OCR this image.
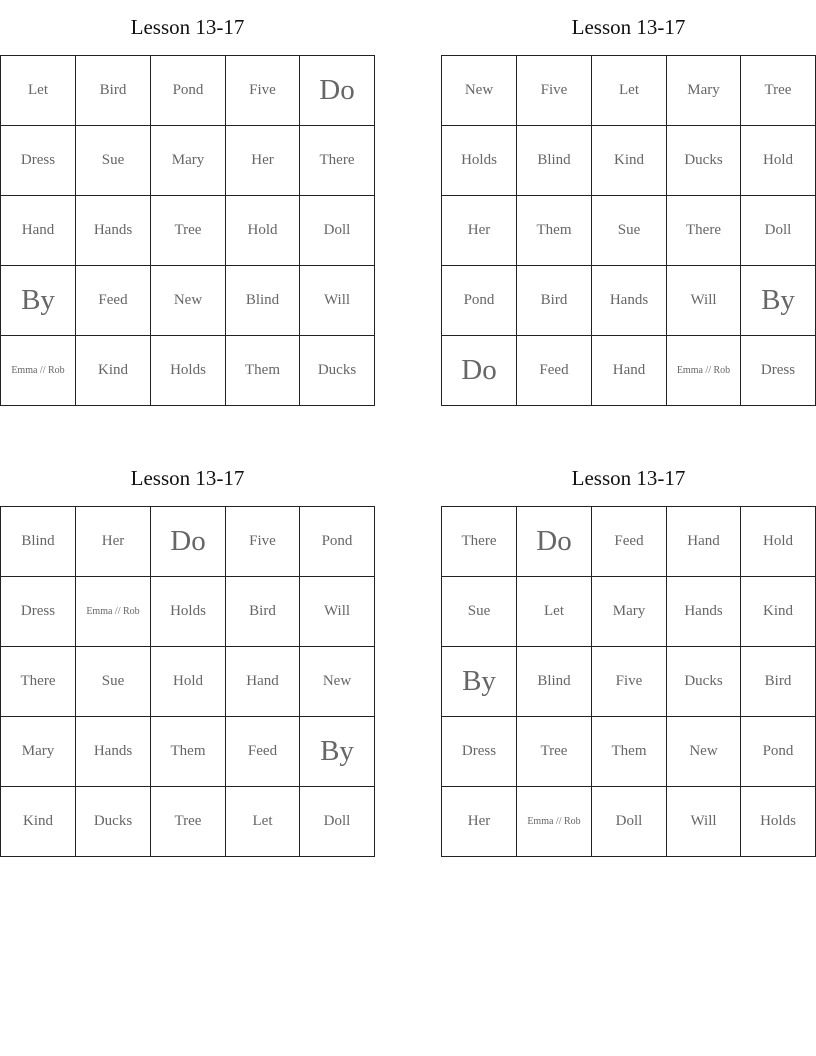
Lesson 13-17
Let	Bird	Pond	Five	Do
Dress	Sue	Mary	Her	There
Hand	Hands	Tree	Hold	Doll
By	Feed	New	Blind	Will
Emma // Rob	Kind	Holds	Them	Ducks
Lesson 13-17
New	Five	Let	Mary	Tree
Holds	Blind	Kind	Ducks	Hold
Her	Them	Sue	There	Doll
Pond	Bird	Hands	Will	By
Do	Feed	Hand	Emma // Rob	Dress
Lesson 13-17
Blind	Her	Do	Five	Pond
Dress	Emma // Rob	Holds	Bird	Will
There	Sue	Hold	Hand	New
Mary	Hands	Them	Feed	By
Kind	Ducks	Tree	Let	Doll
Lesson 13-17
There	Do	Feed	Hand	Hold
Sue	Let	Mary	Hands	Kind
By	Blind	Five	Ducks	Bird
Dress	Tree	Them	New	Pond
Her	Emma // Rob	Doll	Will	Holds
